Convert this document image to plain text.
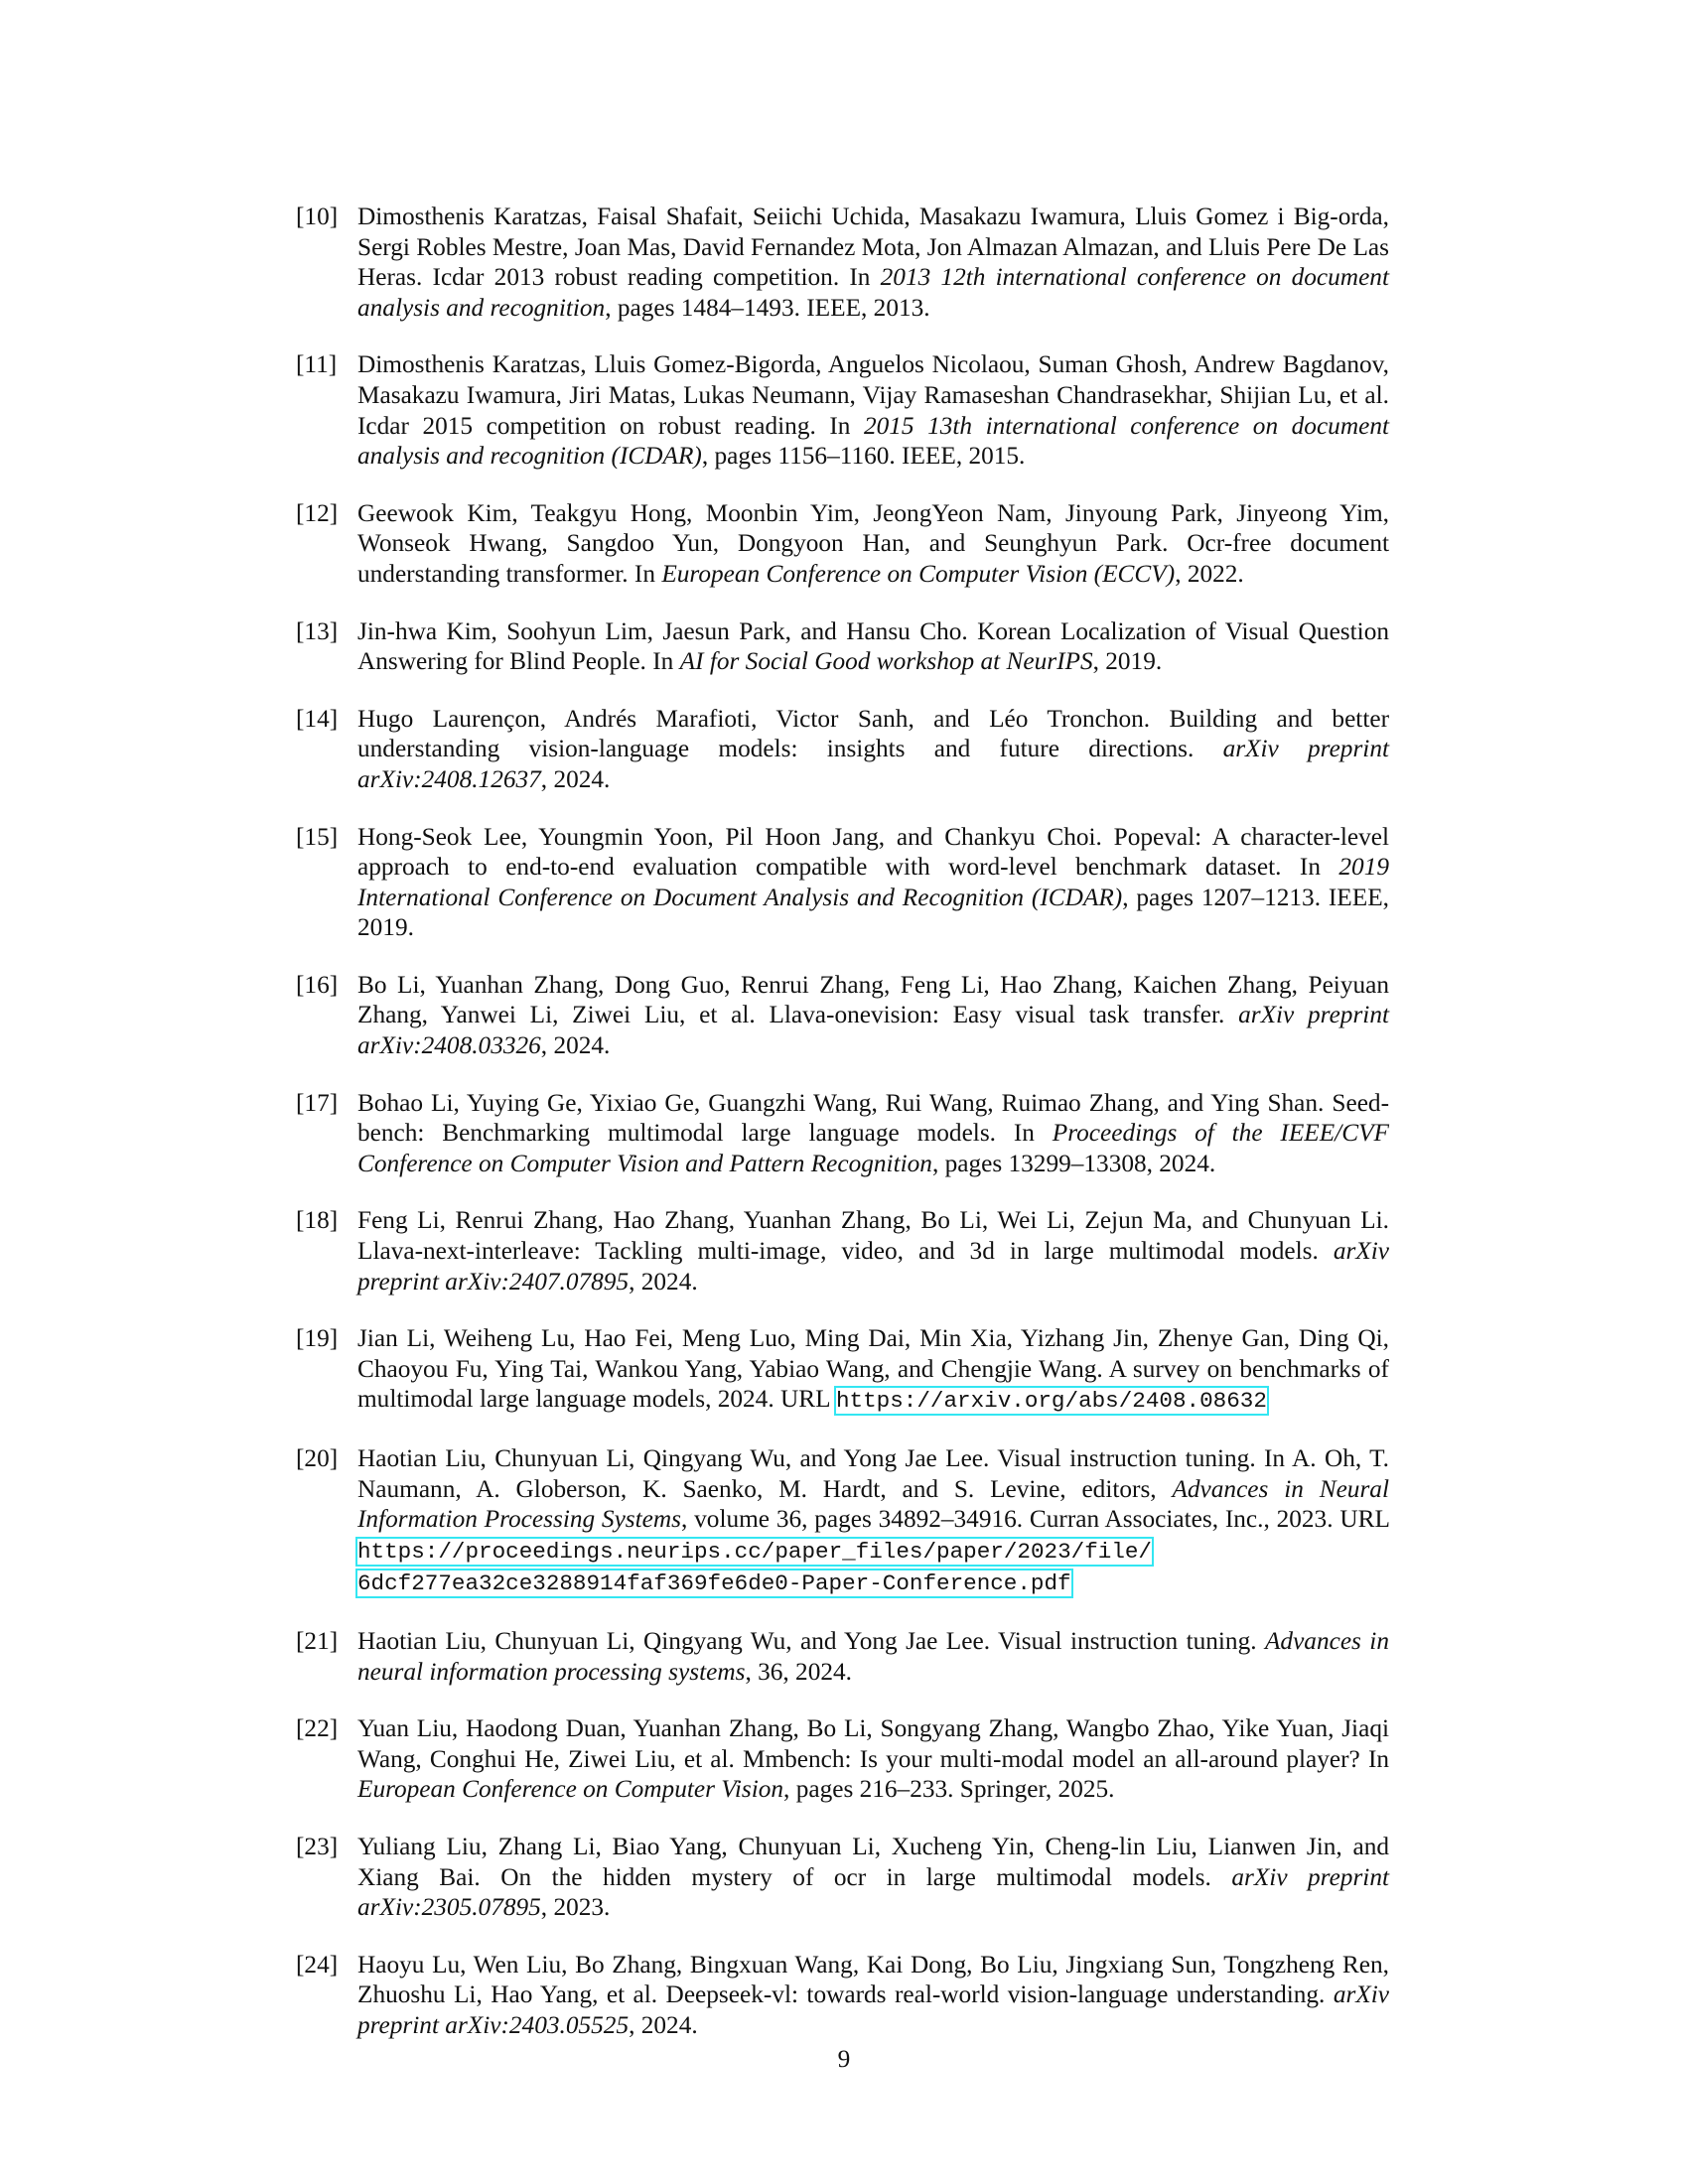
[10] Dimosthenis Karatzas, Faisal Shafait, Seiichi Uchida, Masakazu Iwamura, Lluis Gomez i Big-orda, Sergi Robles Mestre, Joan Mas, David Fernandez Mota, Jon Almazan Almazan, and Lluis Pere De Las Heras. Icdar 2013 robust reading competition. In 2013 12th international conference on document analysis and recognition, pages 1484–1493. IEEE, 2013.
[11] Dimosthenis Karatzas, Lluis Gomez-Bigorda, Anguelos Nicolaou, Suman Ghosh, Andrew Bagdanov, Masakazu Iwamura, Jiri Matas, Lukas Neumann, Vijay Ramaseshan Chandrasekhar, Shijian Lu, et al. Icdar 2015 competition on robust reading. In 2015 13th international conference on document analysis and recognition (ICDAR), pages 1156–1160. IEEE, 2015.
[12] Geewook Kim, Teakgyu Hong, Moonbin Yim, JeongYeon Nam, Jinyoung Park, Jinyeong Yim, Wonseok Hwang, Sangdoo Yun, Dongyoon Han, and Seunghyun Park. Ocr-free document understanding transformer. In European Conference on Computer Vision (ECCV), 2022.
[13] Jin-hwa Kim, Soohyun Lim, Jaesun Park, and Hansu Cho. Korean Localization of Visual Question Answering for Blind People. In AI for Social Good workshop at NeurIPS, 2019.
[14] Hugo Laurençon, Andrés Marafioti, Victor Sanh, and Léo Tronchon. Building and better understanding vision-language models: insights and future directions. arXiv preprint arXiv:2408.12637, 2024.
[15] Hong-Seok Lee, Youngmin Yoon, Pil Hoon Jang, and Chankyu Choi. Popeval: A character-level approach to end-to-end evaluation compatible with word-level benchmark dataset. In 2019 International Conference on Document Analysis and Recognition (ICDAR), pages 1207–1213. IEEE, 2019.
[16] Bo Li, Yuanhan Zhang, Dong Guo, Renrui Zhang, Feng Li, Hao Zhang, Kaichen Zhang, Peiyuan Zhang, Yanwei Li, Ziwei Liu, et al. Llava-onevision: Easy visual task transfer. arXiv preprint arXiv:2408.03326, 2024.
[17] Bohao Li, Yuying Ge, Yixiao Ge, Guangzhi Wang, Rui Wang, Ruimao Zhang, and Ying Shan. Seed-bench: Benchmarking multimodal large language models. In Proceedings of the IEEE/CVF Conference on Computer Vision and Pattern Recognition, pages 13299–13308, 2024.
[18] Feng Li, Renrui Zhang, Hao Zhang, Yuanhan Zhang, Bo Li, Wei Li, Zejun Ma, and Chunyuan Li. Llava-next-interleave: Tackling multi-image, video, and 3d in large multimodal models. arXiv preprint arXiv:2407.07895, 2024.
[19] Jian Li, Weiheng Lu, Hao Fei, Meng Luo, Ming Dai, Min Xia, Yizhang Jin, Zhenye Gan, Ding Qi, Chaoyou Fu, Ying Tai, Wankou Yang, Yabiao Wang, and Chengjie Wang. A survey on benchmarks of multimodal large language models, 2024. URL https://arxiv.org/abs/2408.08632
[20] Haotian Liu, Chunyuan Li, Qingyang Wu, and Yong Jae Lee. Visual instruction tuning. In A. Oh, T. Naumann, A. Globerson, K. Saenko, M. Hardt, and S. Levine, editors, Advances in Neural Information Processing Systems, volume 36, pages 34892–34916. Curran Associates, Inc., 2023. URL https://proceedings.neurips.cc/paper_files/paper/2023/file/6dcf277ea32ce3288914faf369fe6de0-Paper-Conference.pdf
[21] Haotian Liu, Chunyuan Li, Qingyang Wu, and Yong Jae Lee. Visual instruction tuning. Advances in neural information processing systems, 36, 2024.
[22] Yuan Liu, Haodong Duan, Yuanhan Zhang, Bo Li, Songyang Zhang, Wangbo Zhao, Yike Yuan, Jiaqi Wang, Conghui He, Ziwei Liu, et al. Mmbench: Is your multi-modal model an all-around player? In European Conference on Computer Vision, pages 216–233. Springer, 2025.
[23] Yuliang Liu, Zhang Li, Biao Yang, Chunyuan Li, Xucheng Yin, Cheng-lin Liu, Lianwen Jin, and Xiang Bai. On the hidden mystery of ocr in large multimodal models. arXiv preprint arXiv:2305.07895, 2023.
[24] Haoyu Lu, Wen Liu, Bo Zhang, Bingxuan Wang, Kai Dong, Bo Liu, Jingxiang Sun, Tongzheng Ren, Zhuoshu Li, Hao Yang, et al. Deepseek-vl: towards real-world vision-language understanding. arXiv preprint arXiv:2403.05525, 2024.
9
